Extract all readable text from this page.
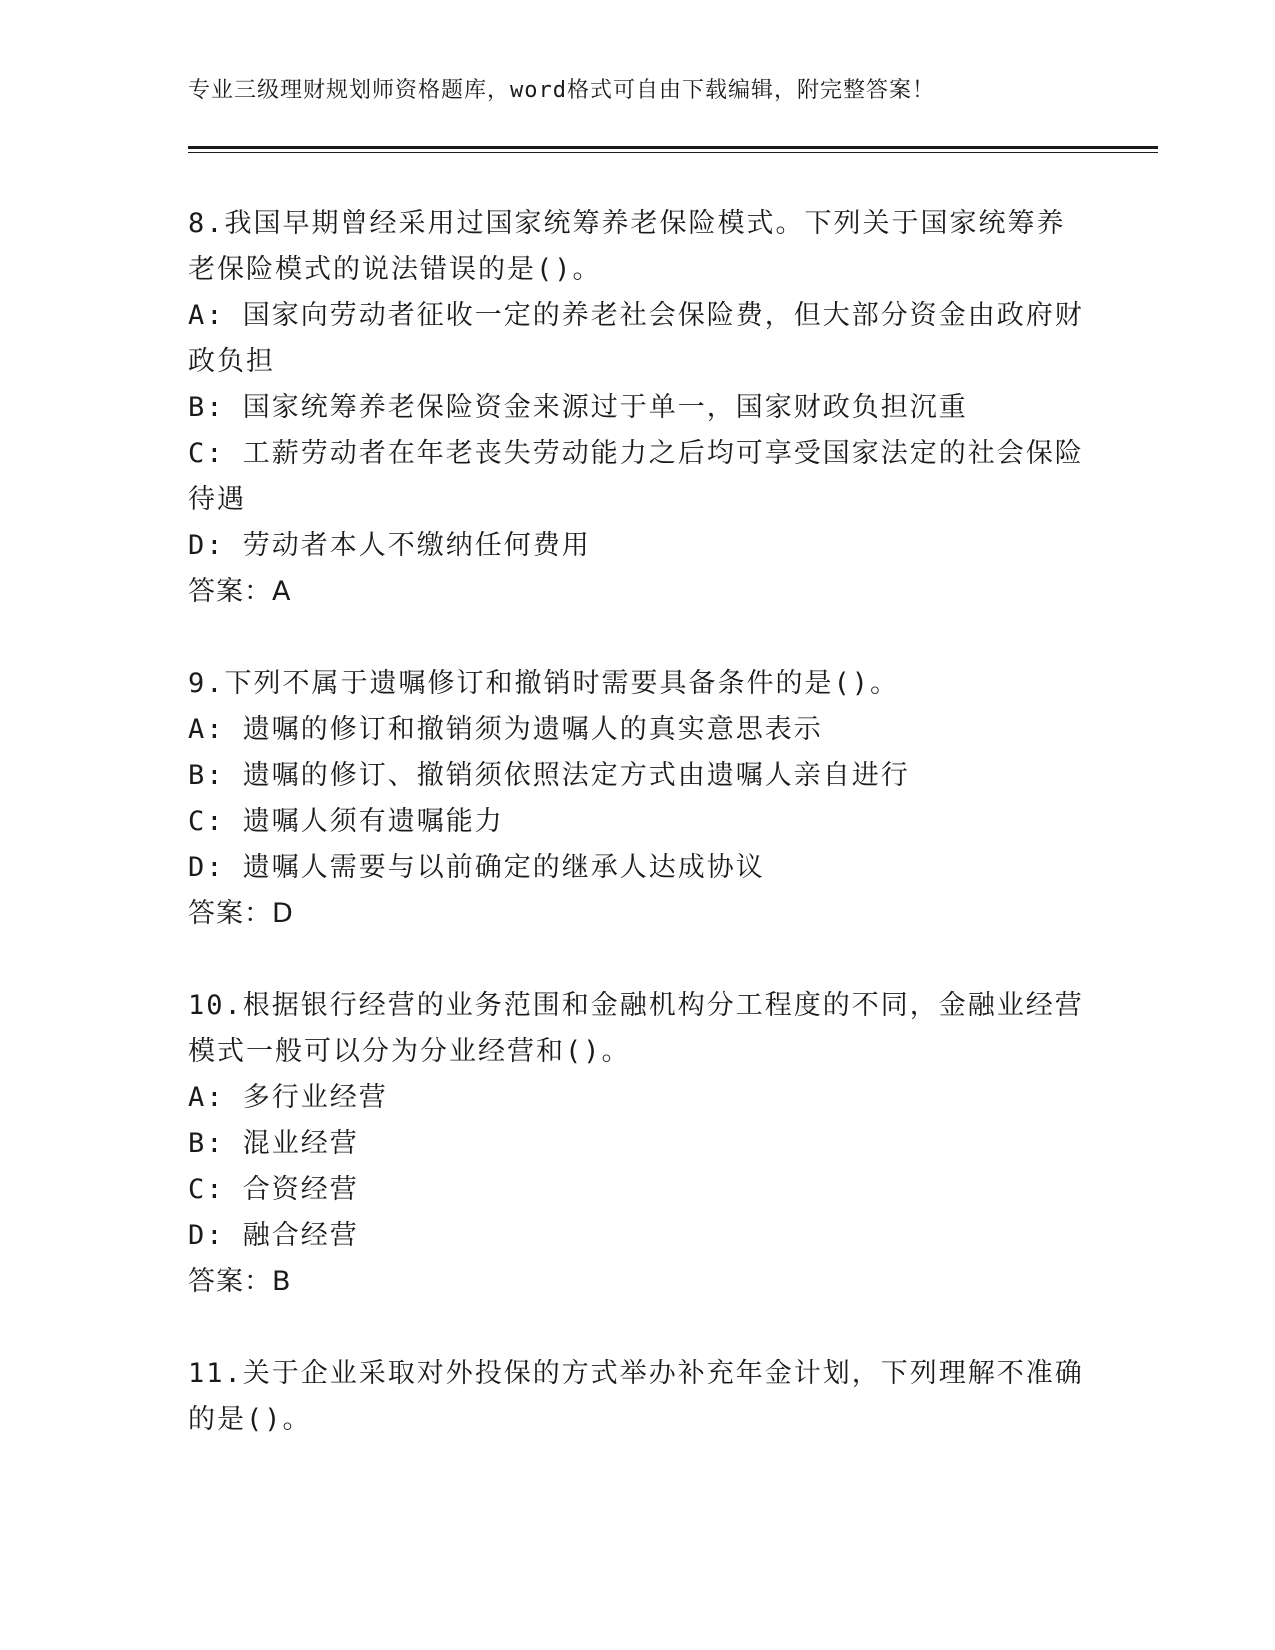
专业三级理财规划师资格题库，word格式可自由下载编辑，附完整答案！
8.我国早期曾经采用过国家统筹养老保险模式。下列关于国家统筹养
老保险模式的说法错误的是()。
A: 国家向劳动者征收一定的养老社会保险费，但大部分资金由政府财
政负担
B: 国家统筹养老保险资金来源过于单一，国家财政负担沉重
C: 工薪劳动者在年老丧失劳动能力之后均可享受国家法定的社会保险
待遇
D: 劳动者本人不缴纳任何费用
答案：A
9.下列不属于遗嘱修订和撤销时需要具备条件的是()。
A: 遗嘱的修订和撤销须为遗嘱人的真实意思表示
B: 遗嘱的修订、撤销须依照法定方式由遗嘱人亲自进行
C: 遗嘱人须有遗嘱能力
D: 遗嘱人需要与以前确定的继承人达成协议
答案：D
10.根据银行经营的业务范围和金融机构分工程度的不同，金融业经营
模式一般可以分为分业经营和()。
A: 多行业经营
B: 混业经营
C: 合资经营
D: 融合经营
答案：B
11.关于企业采取对外投保的方式举办补充年金计划，下列理解不准确
的是()。
